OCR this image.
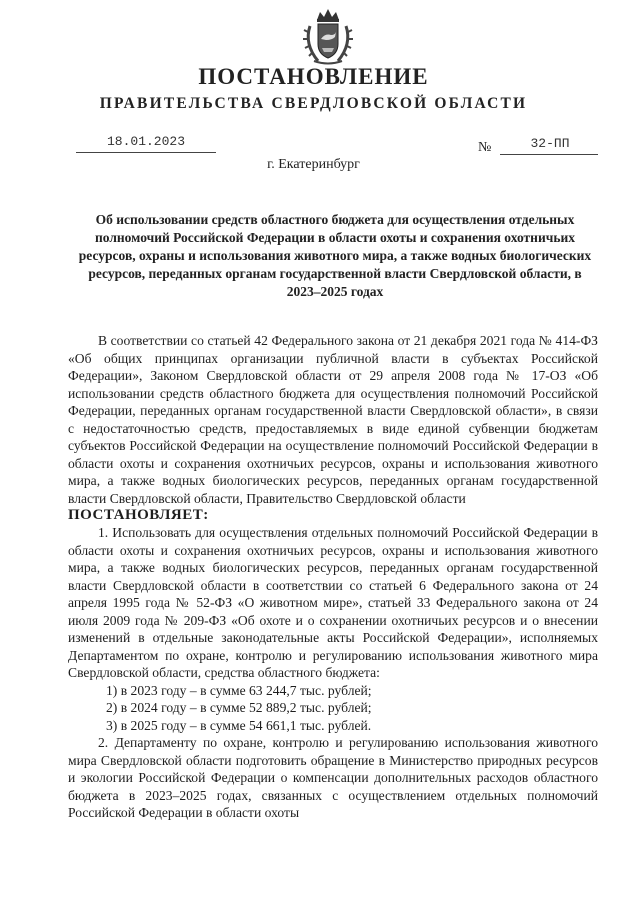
ПОСТАНОВЛЕНИЕ
ПРАВИТЕЛЬСТВА СВЕРДЛОВСКОЙ ОБЛАСТИ
18.01.2023	№	32-ПП
г. Екатеринбург
Об использовании средств областного бюджета для осуществления отдельных полномочий Российской Федерации в области охоты и сохранения охотничьих ресурсов, охраны и использования животного мира, а также водных биологических ресурсов, переданных органам государственной власти Свердловской области, в 2023–2025 годах

В соответствии со статьей 42 Федерального закона от 21 декабря 2021 года № 414-ФЗ «Об общих принципах организации публичной власти в субъектах Российской Федерации», Законом Свердловской области от 29 апреля 2008 года № 17-ОЗ «Об использовании средств областного бюджета для осуществления полномочий Российской Федерации, переданных органам государственной власти Свердловской области», в связи с недостаточностью средств, предоставляемых в виде единой субвенции бюджетам субъектов Российской Федерации на осуществление полномочий Российской Федерации в области охоты и сохранения охотничьих ресурсов, охраны и использования животного мира, а также водных биологических ресурсов, переданных органам государственной власти Свердловской области, Правительство Свердловской области

ПОСТАНОВЛЯЕТ:

1. Использовать для осуществления отдельных полномочий Российской Федерации в области охоты и сохранения охотничьих ресурсов, охраны и использования животного мира, а также водных биологических ресурсов, переданных органам государственной власти Свердловской области в соответствии со статьей 6 Федерального закона от 24 апреля 1995 года № 52-ФЗ «О животном мире», статьей 33 Федерального закона от 24 июля 2009 года № 209-ФЗ «Об охоте и о сохранении охотничьих ресурсов и о внесении изменений в отдельные законодательные акты Российской Федерации», исполняемых Департаментом по охране, контролю и регулированию использования животного мира Свердловской области, средства областного бюджета:

1) в 2023 году – в сумме 63 244,7 тыс. рублей;

2) в 2024 году – в сумме 52 889,2 тыс. рублей;

3) в 2025 году – в сумме 54 661,1 тыс. рублей.

2. Департаменту по охране, контролю и регулированию использования животного мира Свердловской области подготовить обращение в Министерство природных ресурсов и экологии Российской Федерации о компенсации дополнительных расходов областного бюджета в 2023–2025 годах, связанных с осуществлением отдельных полномочий Российской Федерации в области охоты
